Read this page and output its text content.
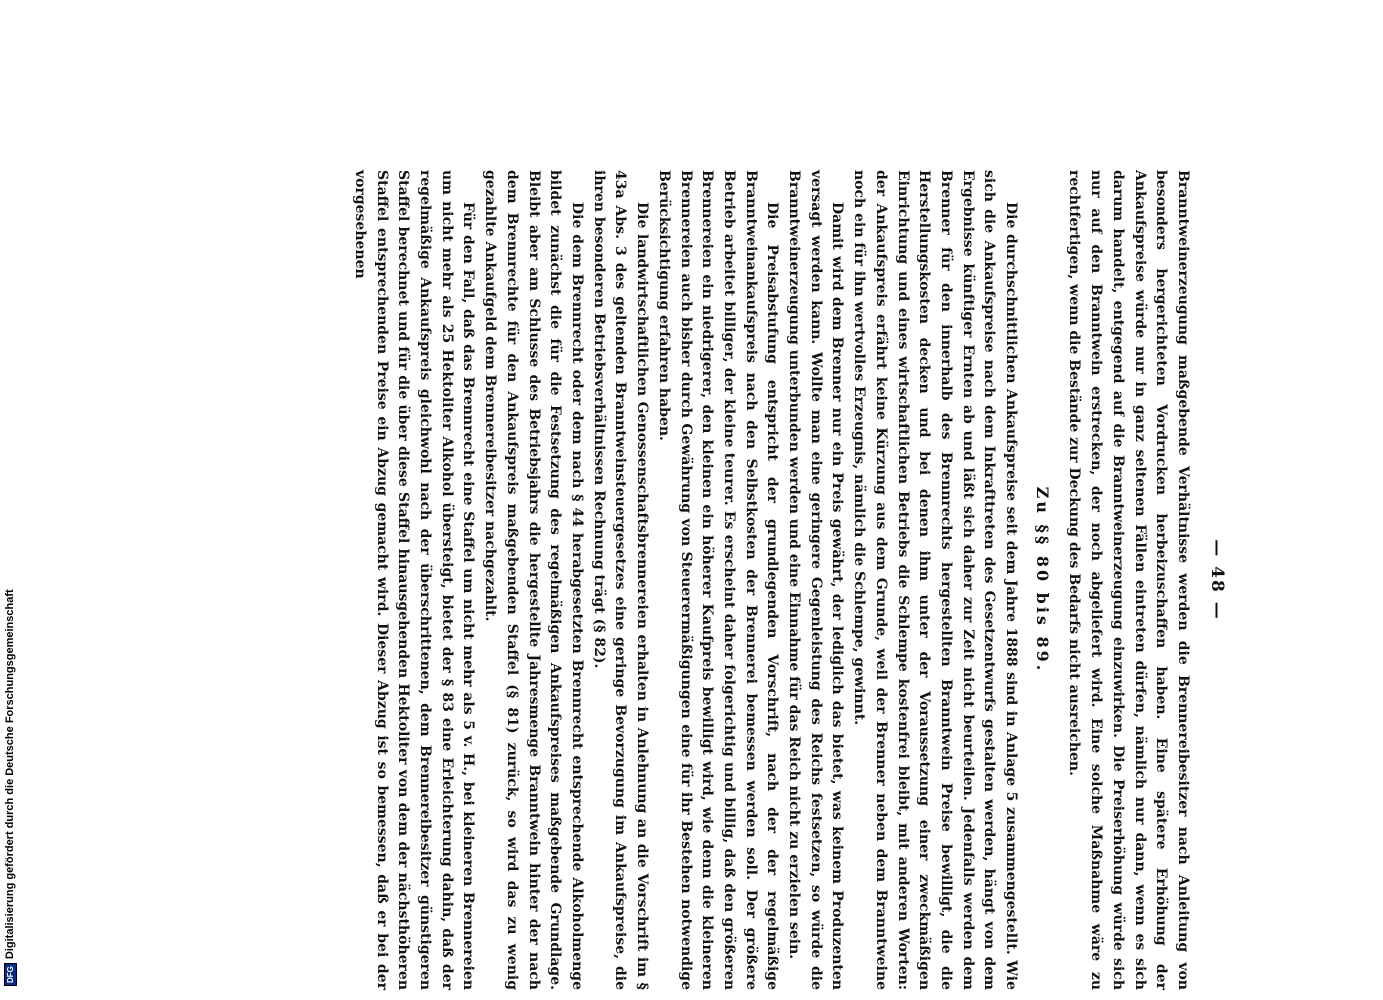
— 48 —

Branntweinerzeugung maßgebende Verhältnisse werden die Brennereibesitzer nach Anleitung von besonders hergerichteten Vordrucken herbeizuschaffen haben. Eine spätere Erhöhung der Ankaufspreise würde nur in ganz seltenen Fällen eintreten dürfen, nämlich nur dann, wenn es sich darum handelt, entgegend auf die Branntweinerzeugung einzuwirken. Die Preiserhöhung würde sich nur auf den Branntwein erstrecken, der noch abgeliefert wird. Eine solche Maßnahme wäre zu rechtfertigen, wenn die Bestände zur Deckung des Bedarfs nicht ausreichen.

Zu §§ 80 bis 89.

Die durchschnittlichen Ankaufspreise seit dem Jahre 1888 sind in Anlage 5 zusammengestellt. Wie sich die Ankaufspreise nach dem Inkrafttreten des Gesetzentwurfs gestalten werden, hängt von dem Ergebnisse künftiger Ernten ab und läßt sich daher zur Zeit nicht beurteilen. Jedenfalls werden dem Brenner für den innerhalb des Brennrechts hergestellten Branntwein Preise bewilligt, die die Herstellungskosten decken und bei denen ihm unter der Voraussetzung einer zweckmäßigen Einrichtung und eines wirtschaftlichen Betriebs die Schlempe kostenfrei bleibt, mit anderen Worten: der Ankaufspreis erfährt keine Kürzung aus dem Grunde, weil der Brenner neben dem Branntweine noch ein für ihn wertvolles Erzeugnis, nämlich die Schlempe, gewinnt.

Damit wird dem Brenner nur ein Preis gewährt, der lediglich das bietet, was keinem Produzenten versagt werden kann. Wollte man eine geringere Gegenleistung des Reichs festsetzen, so würde die Branntweinerzeugung unterbunden werden und eine Einnahme für das Reich nicht zu erzielen sein.

Die Preisabstufung entspricht der grundlegenden Vorschrift, nach der der regelmäßige Branntweinankaufspreis nach den Selbstkosten der Brennerei bemessen werden soll. Der größere Betrieb arbeitet billiger, der kleine teurer. Es erscheint daher folgerichtig und billig, daß den größeren Brennereien ein niedrigerer, den kleinen ein höherer Kaufpreis bewilligt wird, wie denn die kleineren Brennereien auch bisher durch Gewährung von Steuerermäßigungen eine für ihr Bestehen notwendige Berücksichtigung erfahren haben.

Die landwirtschaftlichen Genossenschaftsbrennereien erhalten in Anlehnung an die Vorschrift im § 43a Abs. 3 des geltenden Branntweinsteuergesetzes eine geringe Bevorzugung im Ankaufspreise, die ihren besonderen Betriebsverhältnissen Rechnung trägt (§ 82).

Die dem Brennrecht oder dem nach § 44 herabgesetzten Brennrecht entsprechende Alkoholmenge bildet zunächst die für die Festsetzung des regelmäßigen Ankaufspreises maßgebende Grundlage. Bleibt aber am Schlusse des Betriebsjahrs die hergestellte Jahresmenge Branntwein hinter der nach dem Brennrechte für den Ankaufspreis maßgebenden Staffel (§ 81) zurück, so wird das zu wenig gezahlte Ankaufgeld dem Brennereibesitzer nachgezahlt.

Für den Fall, daß das Brennrecht eine Staffel um nicht mehr als 5 v. H., bei kleineren Brennereien um nicht mehr als 25 Hektoliter Alkohol übersteigt, bietet der § 83 eine Erleichterung dahin, daß der regelmäßige Ankaufspreis gleichwohl nach der überschrittenen, dem Brennereibesitzer günstigeren Staffel berechnet und für die über diese Staffel hinausgehenden Hektoliter von dem der nächsthöheren Staffel entsprechenden Preise ein Abzug gemacht wird. Dieser Abzug ist so bemessen, daß er bei der vorgesehenen

DFG
Digitalisierung gefördert durch die Deutsche Forschungsgemeinschaft
